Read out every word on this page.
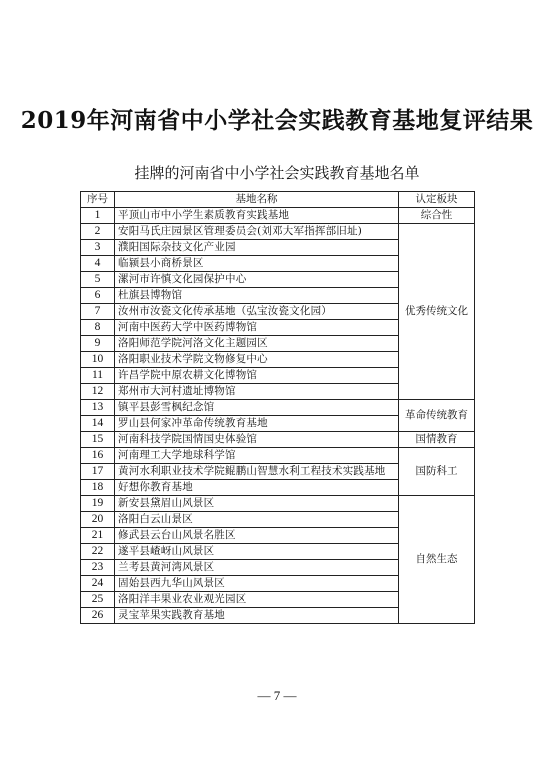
2019年河南省中小学社会实践教育基地复评结果
挂牌的河南省中小学社会实践教育基地名单
序号	基地名称	认定板块
1	平顶山市中小学生素质教育实践基地	综合性
2	安阳马氏庄园景区管理委员会(刘邓大军指挥部旧址)	优秀传统文化
3	濮阳国际杂技文化产业园	
4	临颍县小商桥景区	
5	漯河市许慎文化园保护中心	
6	杜旗县博物馆	
7	汝州市汝瓷文化传承基地（弘宝汝瓷文化园）	
8	河南中医药大学中医药博物馆	
9	洛阳师范学院河洛文化主题园区	
10	洛阳职业技术学院文物修复中心	
11	许昌学院中原农耕文化博物馆	
12	郑州市大河村遗址博物馆	
13	镇平县彭雪枫纪念馆	革命传统教育
14	罗山县何家冲革命传统教育基地	
15	河南科技学院国情国史体验馆	国情教育
16	河南理工大学地球科学馆	国防科工
17	黄河水利职业技术学院鲲鹏山智慧水利工程技术实践基地	
18	好想你教育基地	
19	新安县黛眉山风景区	自然生态
20	洛阳白云山景区	
21	修武县云台山风景名胜区	
22	遂平县嵖岈山风景区	
23	兰考县黄河湾风景区	
24	固始县西九华山风景区	
25	洛阳洋丰果业农业观光园区	
26	灵宝苹果实践教育基地	
— 7 —
